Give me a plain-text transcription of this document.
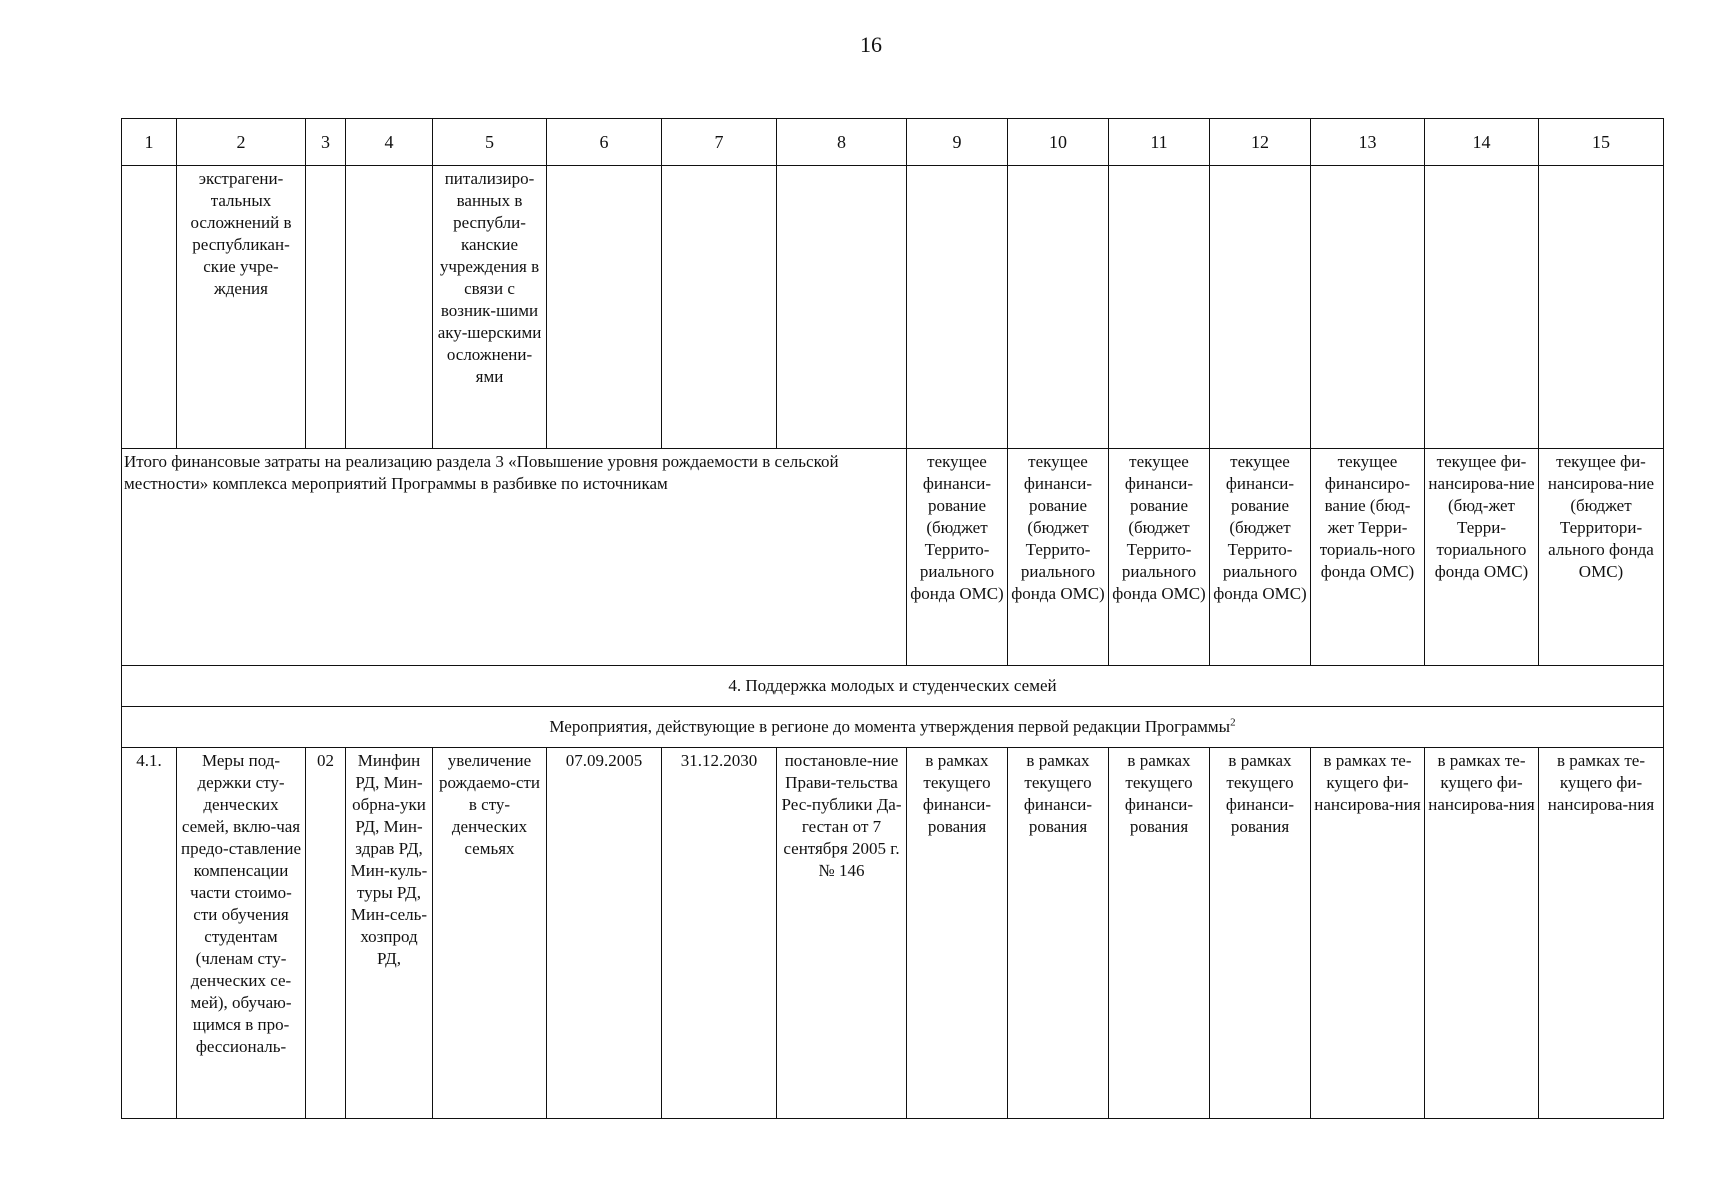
16
1	2	3	4	5	6	7	8	9	10	11	12	13	14	15
	экстрагени-тальных осложнений в республикан-ские учре-ждения			питализиро-ванных в республи-канские учреждения в связи с возник-шими аку-шерскими осложнени-ями										
Итого финансовые затраты на реализацию раздела 3 «Повышение уровня рождаемости в сельской местности» комплекса мероприятий Программы в разбивке по источникам								текущее финанси-рование (бюджет Террито-риального фонда ОМС)	текущее финанси-рование (бюджет Террито-риального фонда ОМС)	текущее финанси-рование (бюджет Террито-риального фонда ОМС)	текущее финанси-рование (бюджет Террито-риального фонда ОМС)	текущее финансиро-вание (бюд-жет Терри-ториаль-ного фонда ОМС)	текущее фи-нансирова-ние (бюд-жет Терри-ториального фонда ОМС)	текущее фи-нансирова-ние (бюджет Территори-ального фонда ОМС)
4. Поддержка молодых и студенческих семей														
Мероприятия, действующие в регионе до момента утверждения первой редакции Программы$^2$
4.1.	Меры под-держки сту-денческих семей, вклю-чая предо-ставление компенсации части стоимо-сти обучения студентам (членам сту-денческих се-мей), обучаю-щимся в про-фессиональ-	02	Минфин РД, Мин-обрна-уки РД, Мин-здрав РД, Мин-куль-туры РД, Мин-сель-хозпрод РД,	увеличение рождаемо-сти в сту-денческих семьях	07.09.2005	31.12.2030	постановле-ние Прави-тельства Рес-публики Да-гестан от 7 сентября 2005 г. № 146	в рамках текущего финанси-рования	в рамках текущего финанси-рования	в рамках текущего финанси-рования	в рамках текущего финанси-рования	в рамках те-кущего фи-нансирова-ния	в рамках те-кущего фи-нансирова-ния	в рамках те-кущего фи-нансирова-ния
